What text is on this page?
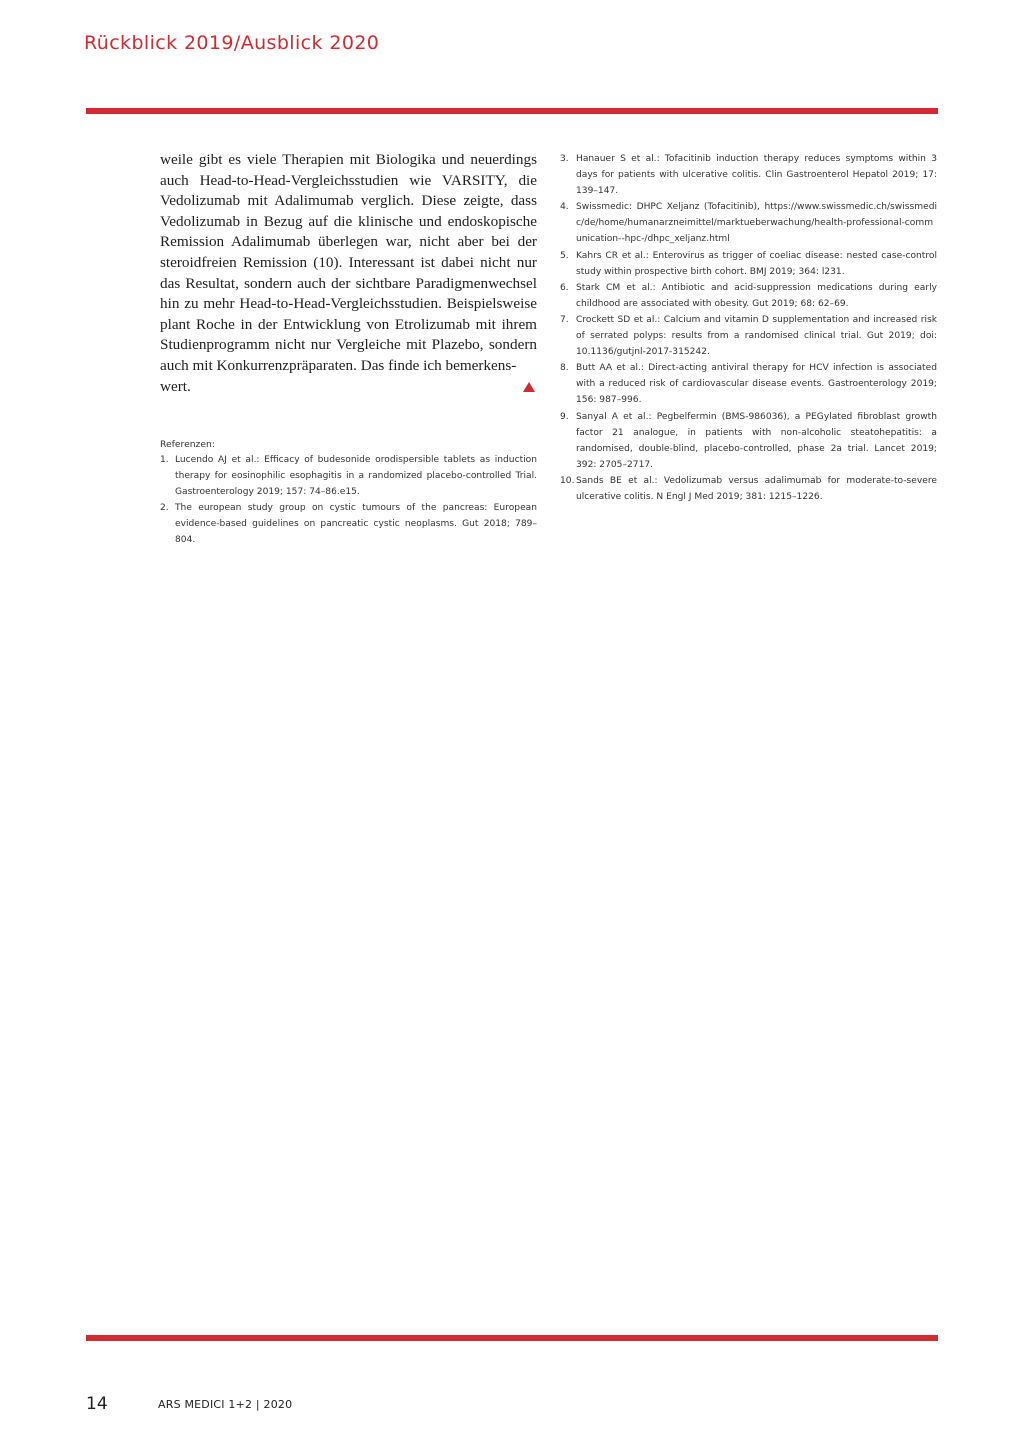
Rückblick 2019/Ausblick 2020

weile gibt es viele Therapien mit Biologika und neuerdings auch Head-to-Head-Vergleichsstudien wie VARSITY, die Vedolizumab mit Adalimumab verglich. Diese zeigte, dass Vedolizumab in Bezug auf die klinische und endoskopische Remission Adalimumab überlegen war, nicht aber bei der steroidfreien Remission (10). Interessant ist dabei nicht nur das Resultat, sondern auch der sichtbare Paradigmenwechsel hin zu mehr Head-to-Head-Vergleichsstudien. Beispielsweise plant Roche in der Entwicklung von Etrolizumab mit ihrem Studienprogramm nicht nur Vergleiche mit Plazebo, sondern auch mit Konkurrenzpräparaten. Das finde ich bemerkens-

wert.

Referenzen:

1. Lucendo AJ et al.: Efficacy of budesonide orodispersible tablets as induction therapy for eosinophilic esophagitis in a randomized placebo-controlled Trial. Gastroenterology 2019; 157: 74–86.e15.
2. The european study group on cystic tumours of the pancreas: European evidence-based guidelines on pancreatic cystic neoplasms. Gut 2018; 789–804.
3. Hanauer S et al.: Tofacitinib induction therapy reduces symptoms within 3 days for patients with ulcerative colitis. Clin Gastroenterol Hepatol 2019; 17: 139–147.
4. Swissmedic: DHPC Xeljanz (Tofacitinib), https://www.swissmedic.ch/swissmedic/de/home/humanarzneimittel/marktueberwachung/health-professional-communication--hpc-/dhpc_xeljanz.html
5. Kahrs CR et al.: Enterovirus as trigger of coeliac disease: nested case-control study within prospective birth cohort. BMJ 2019; 364: l231.
6. Stark CM et al.: Antibiotic and acid-suppression medications during early childhood are associated with obesity. Gut 2019; 68: 62–69.
7. Crockett SD et al.: Calcium and vitamin D supplementation and increased risk of serrated polyps: results from a randomised clinical trial. Gut 2019; doi: 10.1136/gutjnl-2017-315242.
8. Butt AA et al.: Direct-acting antiviral therapy for HCV infection is associated with a reduced risk of cardiovascular disease events. Gastroenterology 2019; 156: 987–996.
9. Sanyal A et al.: Pegbelfermin (BMS-986036), a PEGylated fibroblast growth factor 21 analogue, in patients with non-alcoholic steatohepatitis: a randomised, double-blind, placebo-controlled, phase 2a trial. Lancet 2019; 392: 2705–2717.
10. Sands BE et al.: Vedolizumab versus adalimumab for moderate-to-severe ulcerative colitis. N Engl J Med 2019; 381: 1215–1226.
14	ARS MEDICI 1+2 | 2020
